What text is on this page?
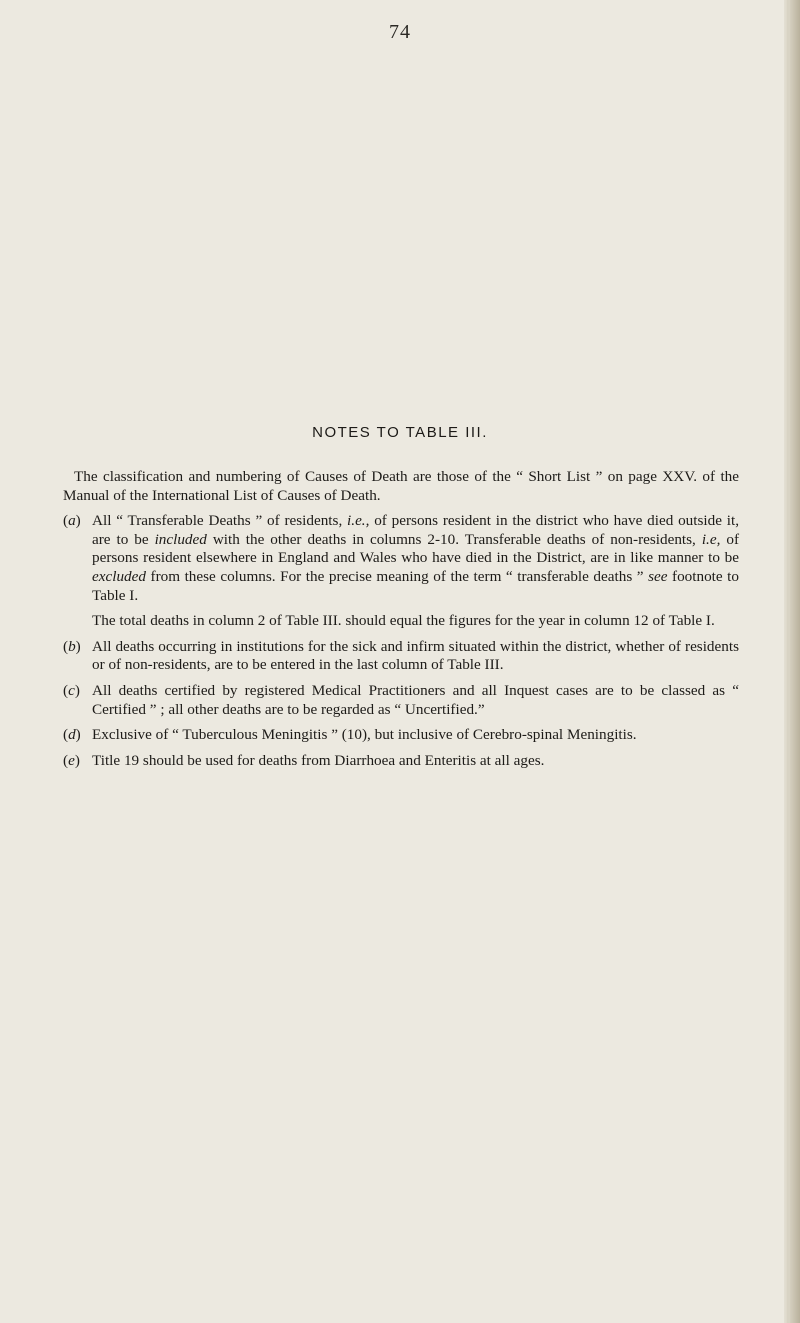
74
NOTES TO TABLE III.

The classification and numbering of Causes of Death are those of the “ Short List ” on page XXV. of the Manual of the International List of Causes of Death.

(a) All “ Transferable Deaths ” of residents, i.e., of persons resident in the district who have died outside it, are to be included with the other deaths in columns 2-10. Transferable deaths of non-residents, i.e, of persons resident elsewhere in England and Wales who have died in the District, are in like manner to be excluded from these columns. For the precise meaning of the term “ transferable deaths ” see footnote to Table I.

The total deaths in column 2 of Table III. should equal the figures for the year in column 12 of Table I.

(b) All deaths occurring in institutions for the sick and infirm situated within the district, whether of residents or of non-residents, are to be entered in the last column of Table III.

(c) All deaths certified by registered Medical Practitioners and all Inquest cases are to be classed as “ Certified ” ; all other deaths are to be regarded as “ Uncertified.”

(d) Exclusive of “ Tuberculous Meningitis ” (10), but inclusive of Cerebro-spinal Meningitis.

(e) Title 19 should be used for deaths from Diarrhoea and Enteritis at all ages.
